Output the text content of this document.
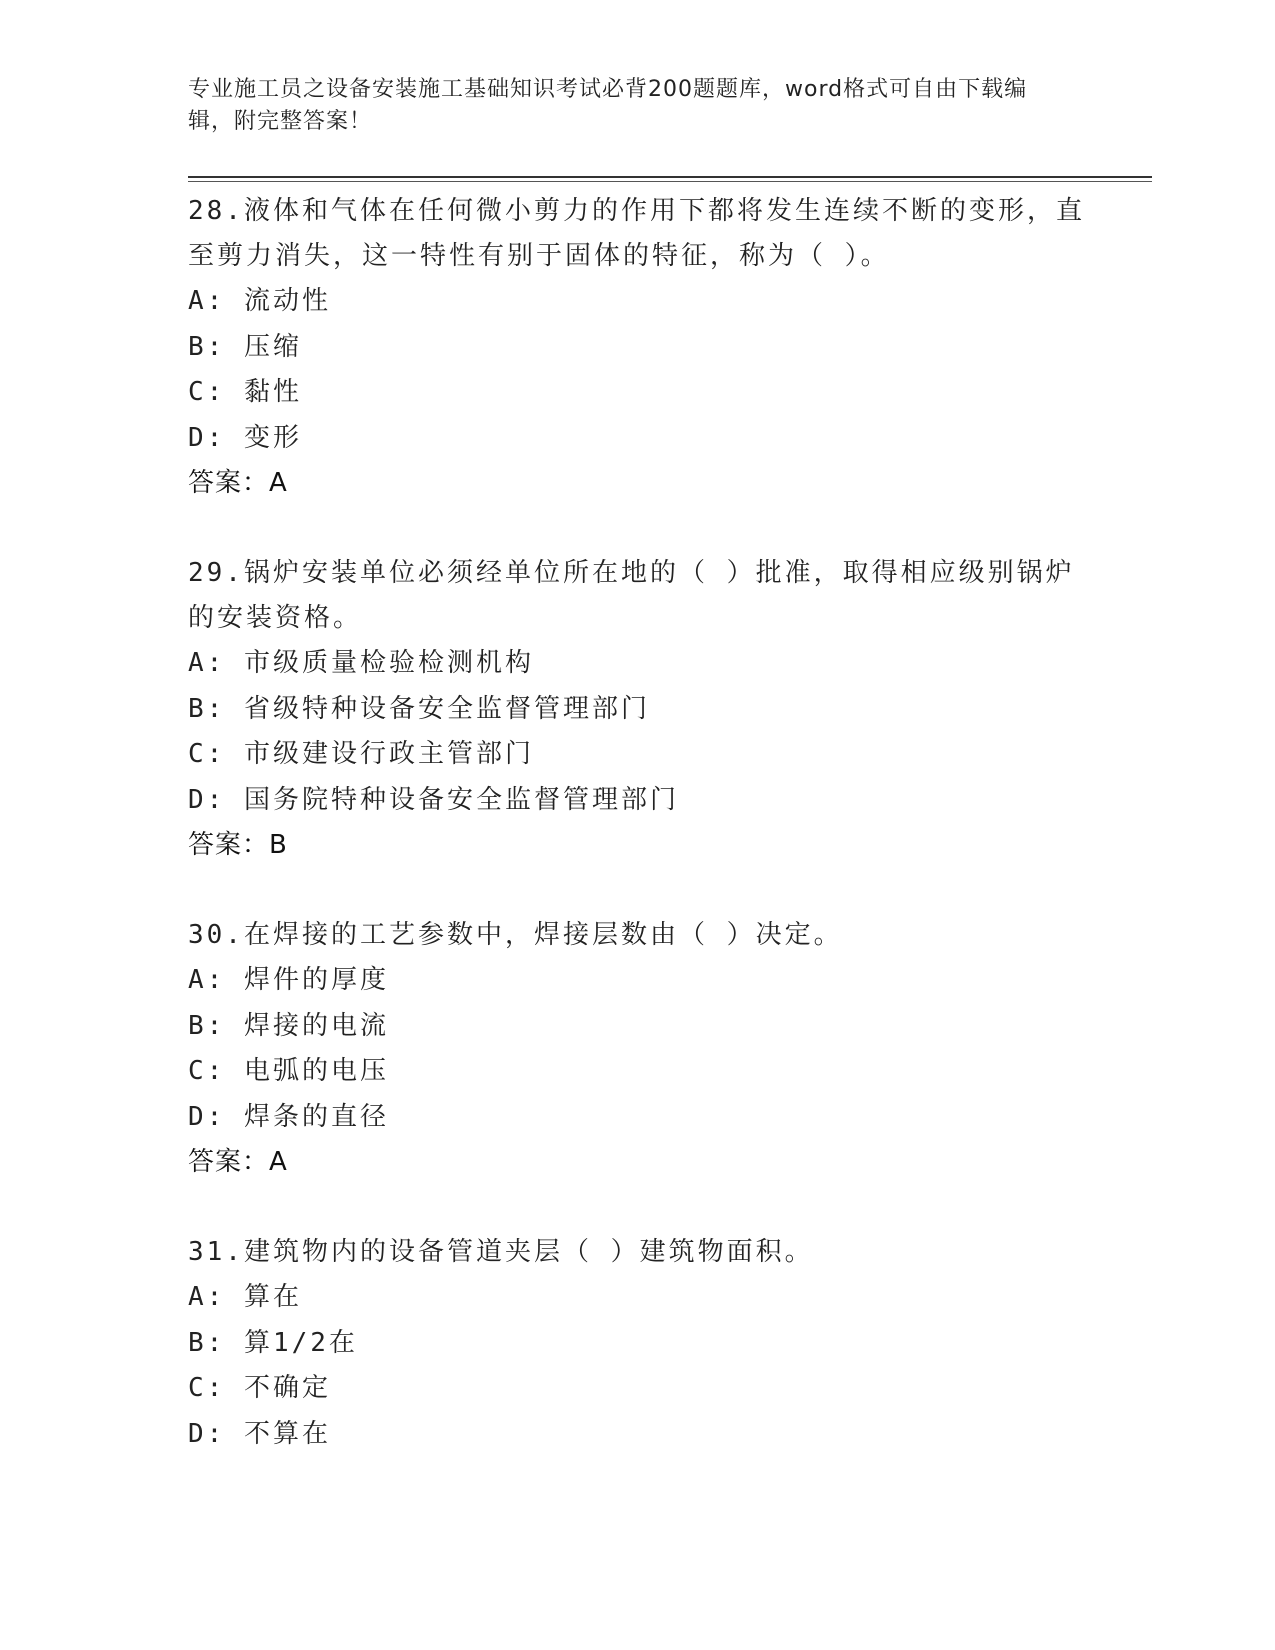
专业施工员之设备安装施工基础知识考试必背200题题库，word格式可自由下载编辑，附完整答案！
28.液体和气体在任何微小剪力的作用下都将发生连续不断的变形，直至剪力消失，这一特性有别于固体的特征，称为（ ）。
A : 流动性
B : 压缩
C : 黏性
D : 变形
答案：A
29.锅炉安装单位必须经单位所在地的（ ）批准，取得相应级别锅炉的安装资格。
A : 市级质量检验检测机构
B : 省级特种设备安全监督管理部门
C : 市级建设行政主管部门
D : 国务院特种设备安全监督管理部门
答案：B
30.在焊接的工艺参数中，焊接层数由（ ）决定。
A : 焊件的厚度
B : 焊接的电流
C : 电弧的电压
D : 焊条的直径
答案：A
31.建筑物内的设备管道夹层（ ）建筑物面积。
A : 算在
B : 算1/2在
C : 不确定
D : 不算在
